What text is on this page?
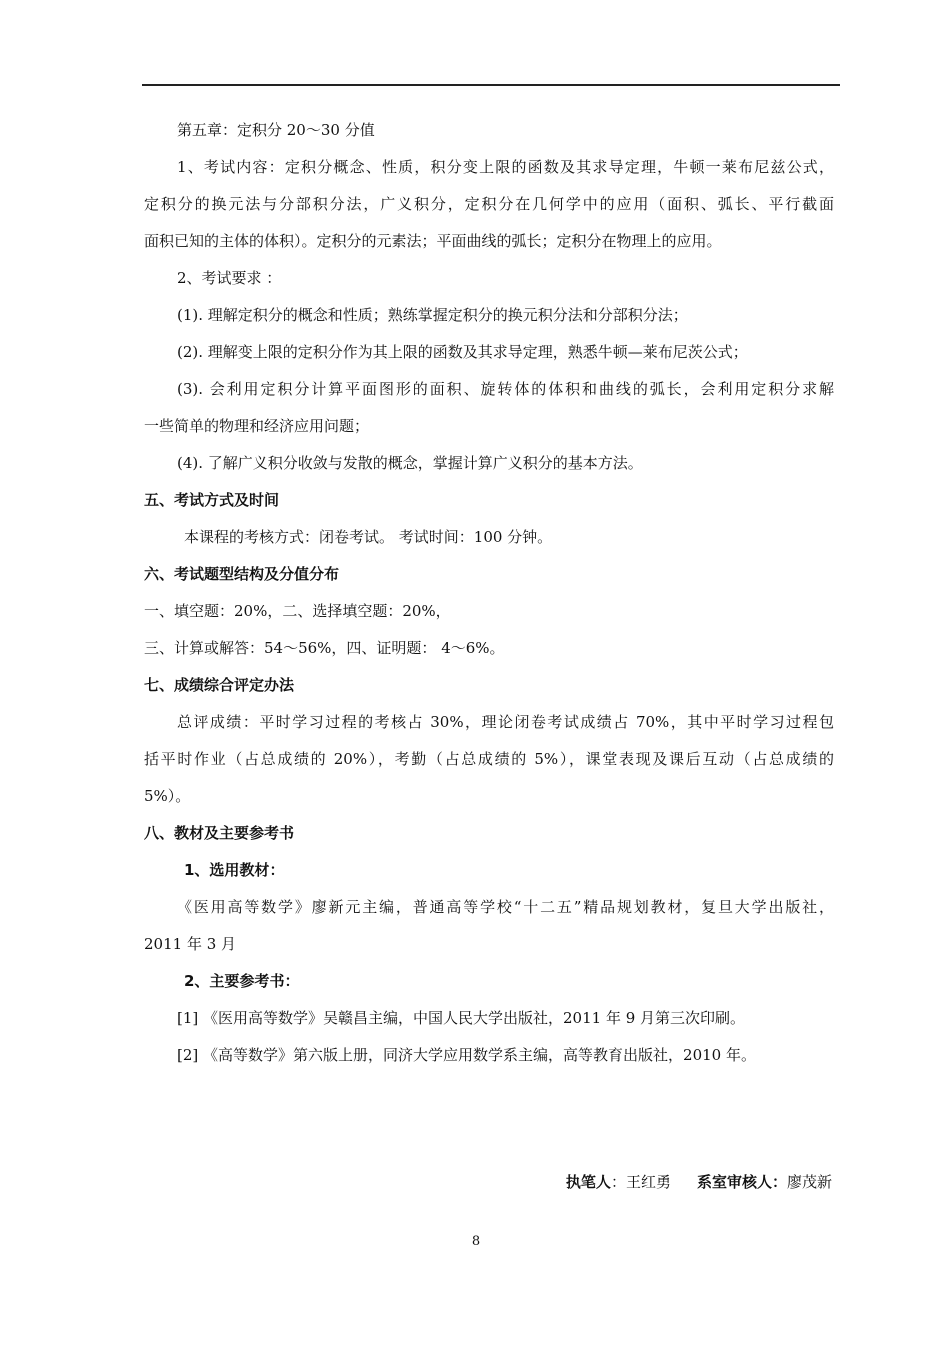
第五章：定积分 20～30 分值
1、考试内容：定积分概念、性质，积分变上限的函数及其求导定理，牛顿一莱布尼兹公式，
定积分的换元法与分部积分法，广义积分，定积分在几何学中的应用（面积、弧长、平行截面
面积已知的主体的体积）。定积分的元素法；平面曲线的弧长；定积分在物理上的应用。
2、考试要求 ：
(1). 理解定积分的概念和性质；熟练掌握定积分的换元积分法和分部积分法；
(2). 理解变上限的定积分作为其上限的函数及其求导定理，熟悉牛顿—莱布尼茨公式；
(3). 会利用定积分计算平面图形的面积、旋转体的体积和曲线的弧长，会利用定积分求解
一些简单的物理和经济应用问题；
(4). 了解广义积分收敛与发散的概念，掌握计算广义积分的基本方法。
五、考试方式及时间
本课程的考核方式：闭卷考试。 考试时间：100 分钟。
六、考试题型结构及分值分布
一、填空题：20%，二、选择填空题：20%，
三、计算或解答：54～56%，四、证明题： 4～6%。
七、成绩综合评定办法
总评成绩：平时学习过程的考核占 30%，理论闭卷考试成绩占 70%，其中平时学习过程包
括平时作业（占总成绩的 20%），考勤（占总成绩的 5%），课堂表现及课后互动（占总成绩的
5%）。
八、教材及主要参考书
1、选用教材：
《医用高等数学》廖新元主编，普通高等学校“十二五”精品规划教材，复旦大学出版社，
2011 年 3 月
2、主要参考书：
[1] 《医用高等数学》吴赣昌主编，中国人民大学出版社，2011 年 9 月第三次印刷。
[2] 《高等数学》第六版上册，同济大学应用数学系主编，高等教育出版社，2010 年。
执笔人：王红勇 系室审核人：廖茂新
8
